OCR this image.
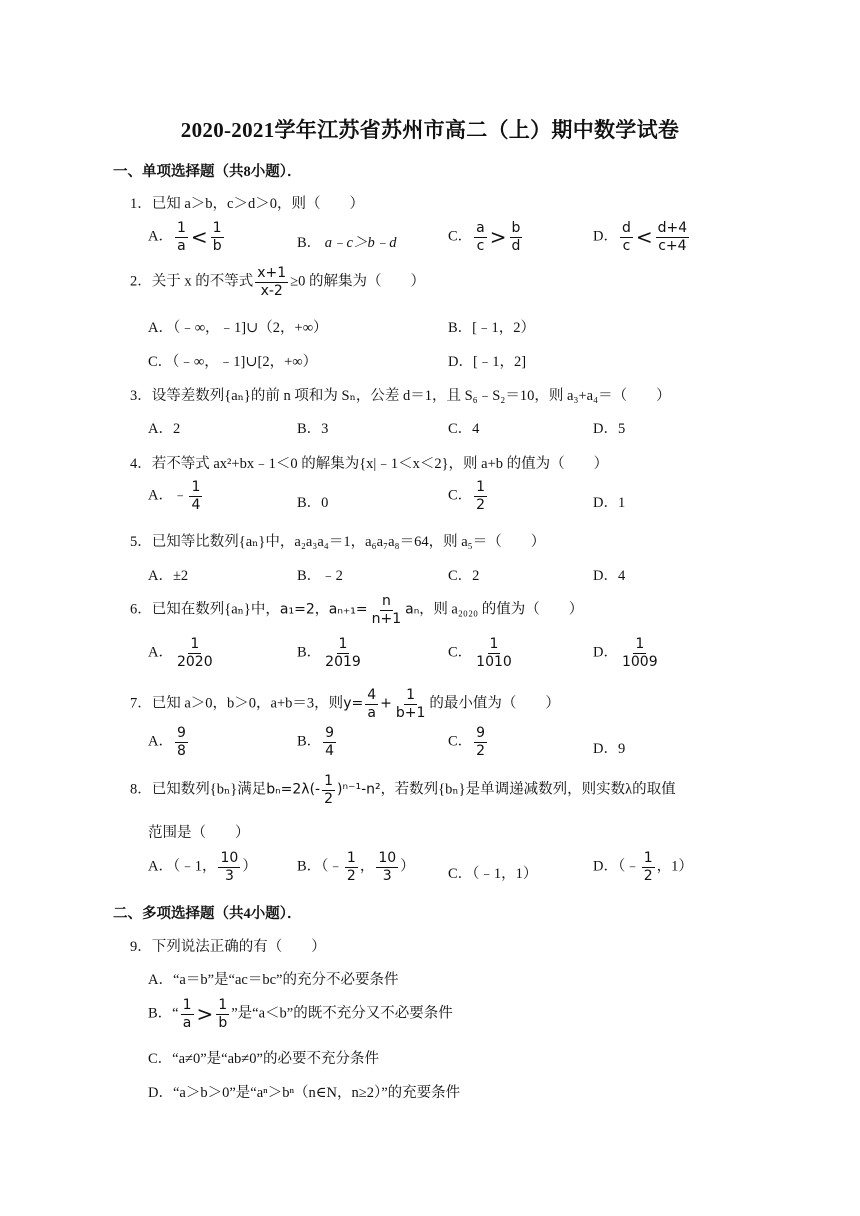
2020-2021学年江苏省苏州市高二（上）期中数学试卷
一、单项选择题（共8小题）．
1．已知 a＞b，c＞d＞0，则（　　）
A． $\frac{1}{a} < \frac{1}{b}$	B． a﹣c＞b﹣d	C． $\frac{a}{c} > \frac{b}{d}$	D． $\frac{d}{c} < \frac{d+4}{c+4}$
2．关于 x 的不等式 $\frac{x+1}{x-2} \ge 0$ 的解集为（　　）
A．（﹣∞，﹣1]∪（2，+∞）	B．[﹣1，2）
C．（﹣∞，﹣1]∪[2，+∞）	D．[﹣1，2]
3．设等差数列{aₙ}的前 n 项和为 Sₙ，公差 d＝1，且 S₆﹣S₂＝10，则 a₃+a₄＝（　　）
A．2	B．3	C．4	D．5
4．若不等式 ax²+bx﹣1＜0 的解集为{x|﹣1＜x＜2}，则 a+b 的值为（　　）
A．﹣ $\frac{1}{4}$	B．0	C． $\frac{1}{2}$	D．1
5．已知等比数列{aₙ}中，a₂a₃a₄＝1，a₆a₇a₈＝64，则 a₅＝（　　）
A．±2	B．﹣2	C．2	D．4
6．已知在数列{aₙ}中，a₁=2，$a_{n+1}= \frac{n}{n+1}$ aₙ，则 a₂₀₂₀ 的值为（　　）
A． $\frac{1}{2020}$	B． $\frac{1}{2019}$	C． $\frac{1}{1010}$	D． $\frac{1}{1009}$
7．已知 a＞0，b＞0，a+b＝3，则$y= \frac{4}{a} + \frac{1}{b+1}$ 的最小值为（　　）
A． $\frac{9}{8}$	B． $\frac{9}{4}$	C． $\frac{9}{2}$	D．9
8．已知数列{bₙ}满足$b_n=2\lambda(- \frac{1}{2} )^{n-1}-n^2$，若数列{bₙ}是单调递减数列，则实数λ的取值
范围是（　　）
A．（﹣1， $\frac{10}{3}$ ）	B．（﹣ $\frac{1}{2}$ ， $\frac{10}{3}$ ） C．（﹣1，1）	D．（﹣ $\frac{1}{2}$ ，1）
二、多项选择题（共4小题）．
9．下列说法正确的有（　　）
A．“a＝b”是“ac＝bc”的充分不必要条件
B．“ $\frac{1}{a} > \frac{1}{b}$ ”是“a＜b”的既不充分又不必要条件
C．“a≠0”是“ab≠0”的必要不充分条件
D．“a＞b＞0”是“aⁿ＞bⁿ（n∈N，n≥2）”的充要条件
